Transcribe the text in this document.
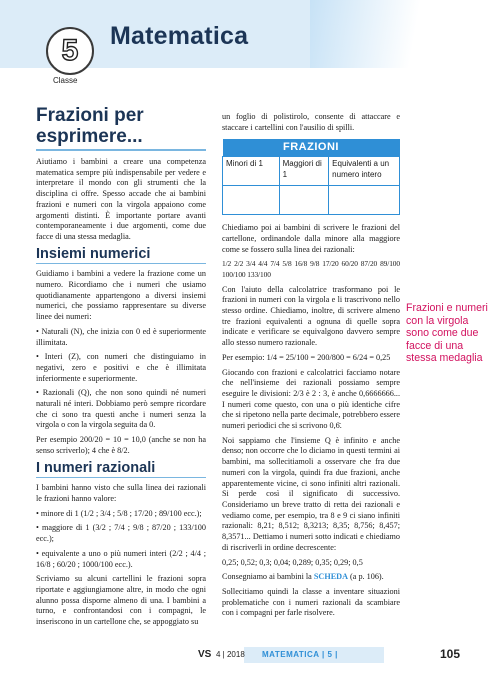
5
Classe
Matematica
Frazioni per esprimere...

Aiutiamo i bambini a creare una competenza matematica sempre più indispensabile per vedere e interpretare il mondo con gli strumenti che la disciplina ci offre. Spesso accade che ai bambini frazioni e numeri con la virgola appaiono come argomenti distinti. È importante portare avanti contemporaneamente i due argomenti, come due facce di una stessa medaglia.

Insiemi numerici

Guidiamo i bambini a vedere la frazione come un numero. Ricordiamo che i numeri che usiamo quotidianamente appartengono a diversi insiemi numerici, che possiamo rappresentare su diverse linee dei numeri:

• Naturali (N), che inizia con 0 ed è superiormente illimitata.

• Interi (Z), con numeri che distinguiamo in negativi, zero e positivi e che è illimitata inferiormente e superiormente.

• Razionali (Q), che non sono quindi né numeri naturali né interi. Dobbiamo però sempre ricordare che ci sono tra questi anche i numeri senza la virgola o con la virgola seguita da 0.

Per esempio 200/20 = 10 = 10,0 (anche se non ha senso scriverlo); 4 che è 8/2.

I numeri razionali

I bambini hanno visto che sulla linea dei razionali le frazioni hanno valore:

• minore di 1 (1/2 ; 3/4 ; 5/8 ; 17/20 ; 89/100 ecc.);

• maggiore di 1 (3/2 ; 7/4 ; 9/8 ; 87/20 ; 133/100 ecc.);

• equivalente a uno o più numeri interi (2/2 ; 4/4 ; 16/8 ; 60/20 ; 1000/100 ecc.).

Scriviamo su alcuni cartellini le frazioni sopra riportate e aggiungiamone altre, in modo che ogni alunno possa disporne almeno di una. I bambini a turno, e confrontandosi con i compagni, le inseriscono in un cartellone che, se appoggiato su

un foglio di polistirolo, consente di attaccare e staccare i cartellini con l'ausilio di spilli.

FRAZIONI		
Minori di 1	Maggiori di 1	Equivalenti a un numero intero

Chiediamo poi ai bambini di scrivere le frazioni del cartellone, ordinandole dalla minore alla maggiore come se fossero sulla linea dei razionali:

1/2 2/2 3/4 4/4 7/4 5/8 16/8 9/8 17/20 60/20 87/20 89/100 100/100 133/100

Con l'aiuto della calcolatrice trasformano poi le frazioni in numeri con la virgola e li trascrivono nello stesso ordine. Chiediamo, inoltre, di scrivere almeno tre frazioni equivalenti a ognuna di quelle sopra indicate e verificare se equivalgono davvero sempre allo stesso numero razionale.

Per esempio: 1/4 = 25/100 = 200/800 = 6/24 = 0,25

Giocando con frazioni e calcolatrici facciamo notare che nell'insieme dei razionali possiamo sempre eseguire le divisioni: 2/3 è 2 : 3, è anche 0,6666666... I numeri come questo, con una o più identiche cifre che si ripetono nella parte decimale, potrebbero essere numeri periodici che si scrivono 0,6̄.

Noi sappiamo che l'insieme Q è infinito e anche denso; non occorre che lo diciamo in questi termini ai bambini, ma sollecitiamoli a osservare che fra due numeri con la virgola, quindi fra due frazioni, anche apparentemente vicine, ci sono infiniti altri razionali. Si perde così il significato di successivo. Consideriamo un breve tratto di retta dei razionali e vediamo come, per esempio, tra 8 e 9 ci siano infiniti razionali: 8,21; 8,512; 8,3213; 8,35; 8,756; 8,457; 8,3571... Dettiamo i numeri sotto indicati e chiediamo di riscriverli in ordine decrescente:

0,25; 0,52; 0,3; 0,04; 0,289; 0,35; 0,29; 0,5

Consegniamo ai bambini la SCHEDA (a p. 106).

Sollecitiamo quindi la classe a inventare situazioni problematiche con i numeri razionali da scambiare con i compagni per farle risolvere.

Frazioni e numeri con la virgola sono come due facce di una stessa medaglia
VS 4 | 2018 MATEMATICA | 5 |	105
